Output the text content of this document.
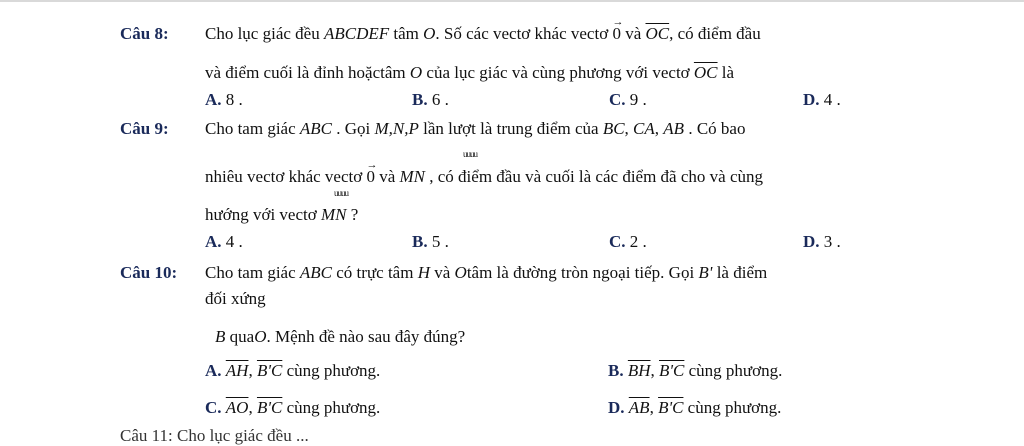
Câu 8: Cho lục giác đều ABCDEF tâm O. Số các vectơ khác vectơ → 0 và $\overline{OC}$, có điểm đầu
và điểm cuối là đỉnh hoặctâm O của lục giác và cùng phương với vectơ $\overline{OC}$ là
A. 8 .	B. 6 .	C. 9 .	D. 4 .
Câu 9: Cho tam giác ABC . Gọi M,N,P lần lượt là trung điểm của BC, CA, AB . Có bao
uuuu
nhiêu vectơ khác vectơ → 0 và MN , có điểm đầu và cuối là các điểm đã cho và cùng
uuuu
hướng với vectơ MN ?
A. 4 .	B. 5 .	C. 2 .	D. 3 .
Câu 10: Cho tam giác ABC có trực tâm H và Otâm là đường tròn ngoại tiếp. Gọi B' là điểm
đối xứng
B quaO. Mệnh đề nào sau đây đúng?
A. $\overline{AH}$, B'C cùng phương.	B. $\overline{BH}$, B'C cùng phương.
C. $\overline{AO}$, B'C cùng phương.	D. $\overline{AB}$, B'C cùng phương.
Câu 11: Cho lục giác đều ...
